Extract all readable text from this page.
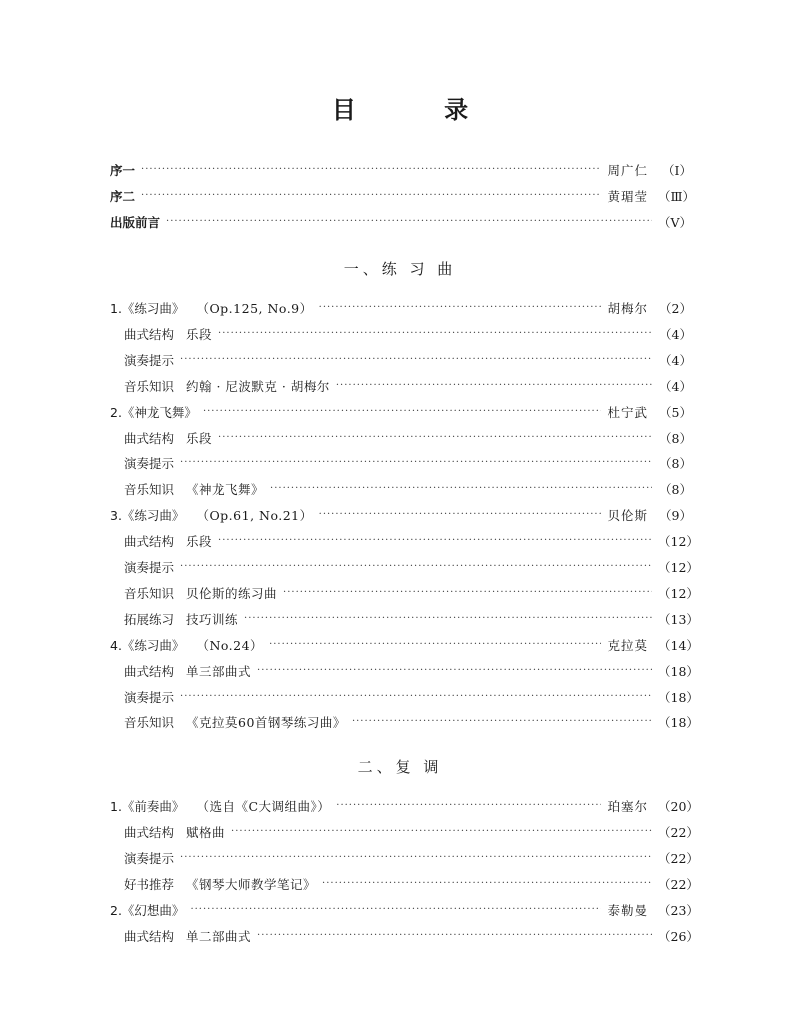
目 录
序一 ·····	周广仁	（Ⅰ）
序二 ·····	黄瑂莹 （Ⅲ）
出版前言 ·····	（Ⅴ）
一、练 习 曲
1.《练习曲》 （Op.125, No.9） ·····	胡梅尔 （2）
曲式结构 乐段 ·····	（4）
演奏提示 ·····	（4）
音乐知识 约翰 · 尼波默克 · 胡梅尔 ·····	（4）
2.《神龙飞舞》 ·····	杜宁武 （5）
曲式结构 乐段 ·····	（8）
演奏提示 ·····	（8）
音乐知识 《神龙飞舞》 ·····	（8）
3.《练习曲》 （Op.61, No.21） ·····	贝伦斯 （9）
曲式结构 乐段 ·····	（12）
演奏提示 ·····	（12）
音乐知识 贝伦斯的练习曲 ·····	（12）
拓展练习 技巧训练 ·····	（13）
4.《练习曲》 （No.24） ·····	克拉莫 （14）
曲式结构 单三部曲式 ·····	（18）
演奏提示 ·····	（18）
音乐知识 《克拉莫60首钢琴练习曲》 ·····	（18）
二、复 调
1.《前奏曲》 （选自《C大调组曲》） ·····	珀塞尔 （20）
曲式结构 赋格曲 ·····	（22）
演奏提示 ·····	（22）
好书推荐 《钢琴大师教学笔记》 ·····	（22）
2.《幻想曲》 ·····	泰勒曼 （23）
曲式结构 单二部曲式 ·····	（26）
